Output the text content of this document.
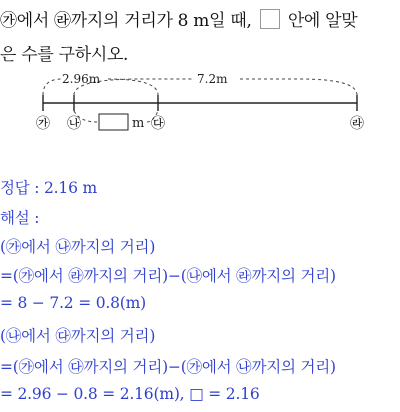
㉮에서 ㉱까지의 거리가 8 m일 때, 안에 알맞
은 수를 구하시오.
2.96m	7.2m
m
㉮ ㉯	㉰	㉱
정답 : 2.16 m
해설 :
(㉮에서 ㉯까지의 거리)
=(㉮에서 ㉱까지의 거리)−(㉯에서 ㉱까지의 거리)
= 8 − 7.2 = 0.8(m)
(㉯에서 ㉰까지의 거리)
=(㉮에서 ㉰까지의 거리)−(㉮에서 ㉯까지의 거리)
= 2.96 − 0.8 = 2.16(m), □ = 2.16
